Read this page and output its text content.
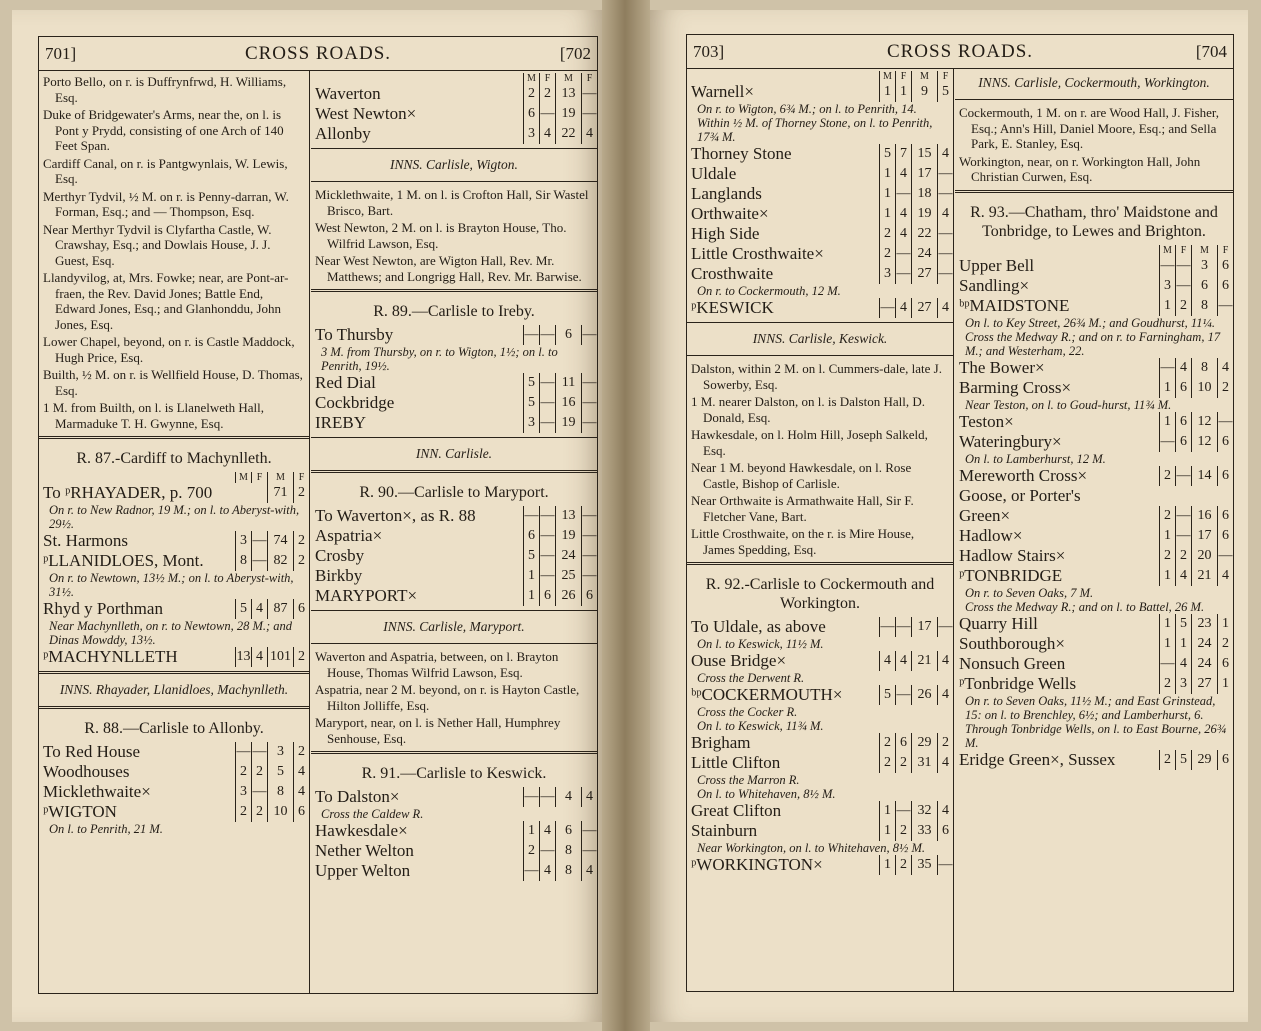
701]	CROSS ROADS.	[702
Porto Bello, on r. is Duffrynfrwd, H. Williams, Esq.
Duke of Bridgewater's Arms, near the, on l. is Pont y Prydd, consisting of one Arch of 140 Feet Span.
Cardiff Canal, on r. is Pantgwynlais, W. Lewis, Esq.
Merthyr Tydvil, ½ M. on r. is Penny-darran, W. Forman, Esq.; and — Thompson, Esq.
Near Merthyr Tydvil is Clyfartha Castle, W. Crawshay, Esq.; and Dowlais House, J. J. Guest, Esq.
Llandyvilog, at, Mrs. Fowke; near, are Pont-ar-fraen, the Rev. David Jones; Battle End, Edward Jones, Esq.; and Glanhonddu, John Jones, Esq.
Lower Chapel, beyond, on r. is Castle Maddock, Hugh Price, Esq.
Builth, ½ M. on r. is Wellfield House, D. Thomas, Esq.
1 M. from Builth, on l. is Llanelweth Hall, Marmaduke T. H. Gwynne, Esq.
R. 87.-Cardiff to Machynlleth.
M F	M	F
To ᵖRHAYADER, p. 700	71 2
On r. to New Radnor, 19 M.; on l. to Aberyst-with, 29½.
St. Harmons	3 — 74 2
ᵖLLANIDLOES, Mont.	8 — 82 2
On r. to Newtown, 13½ M.; on l. to Aberyst-with, 31½.
Rhyd y Porthman	5 4 87 6
Near Machynlleth, on r. to Newtown, 28 M.; and Dinas Mowddy, 13½.
ᵖMACHYNLLETH	13 4 101 2
INNS. Rhayader, Llanidloes, Machynlleth.
R. 88.—Carlisle to Allonby.
To Red House	— — 3	2
Woodhouses	2 2	5	4
Micklethwaite×	3 — 8	4
ᵖWIGTON	2 2 10 6
On l. to Penrith, 21 M.
M F	M	F
Waverton	2 2 13 —
West Newton×	6 — 19 —
Allonby	3 4 22 4
INNS. Carlisle, Wigton.
Micklethwaite, 1 M. on l. is Crofton Hall, Sir Wastel Brisco, Bart.
West Newton, 2 M. on l. is Brayton House, Tho. Wilfrid Lawson, Esq.
Near West Newton, are Wigton Hall, Rev. Mr. Matthews; and Longrigg Hall, Rev. Mr. Barwise.
R. 89.—Carlisle to Ireby.
To Thursby	— — 6 —
3 M. from Thursby, on r. to Wigton, 1½; on l. to Penrith, 19½.
Red Dial	5 — 11 —
Cockbridge	5 — 16 —
IREBY	3 — 19 —
INN. Carlisle.
R. 90.—Carlisle to Maryport.
To Waverton×, as R. 88	— — 13 —
Aspatria×	6 — 19 —
Crosby	5 — 24 —
Birkby	1 — 25 —
MARYPORT×	1 6 26 6
INNS. Carlisle, Maryport.
Waverton and Aspatria, between, on l. Brayton House, Thomas Wilfrid Lawson, Esq.
Aspatria, near 2 M. beyond, on r. is Hayton Castle, Hilton Jolliffe, Esq.
Maryport, near, on l. is Nether Hall, Humphrey Senhouse, Esq.
R. 91.—Carlisle to Keswick.
To Dalston×	— — 4	4
Cross the Caldew R.
Hawkesdale×	1 4	6 —
Nether Welton	2 — 8 —
Upper Welton	— 4	8	4
703]	CROSS ROADS.	[704
M F	M	F
Warnell×	1 1	9	5
On r. to Wigton, 6¾ M.; on l. to Penrith, 14.
Within ½ M. of Thorney Stone, on l. to Penrith, 17¾ M.
Thorney Stone	5 7 15 4
Uldale	1 4 17 —
Langlands	1 — 18 —
Orthwaite×	1 4 19 4
High Side	2 4 22 —
Little Crosthwaite×	2 — 24 —
Crosthwaite	3 — 27 —
On r. to Cockermouth, 12 M.
ᵖKESWICK	— 4 27 4
INNS. Carlisle, Keswick.
Dalston, within 2 M. on l. Cummers-dale, late J. Sowerby, Esq.
1 M. nearer Dalston, on l. is Dalston Hall, D. Donald, Esq.
Hawkesdale, on l. Holm Hill, Joseph Salkeld, Esq.
Near 1 M. beyond Hawkesdale, on l. Rose Castle, Bishop of Carlisle.
Near Orthwaite is Armathwaite Hall, Sir F. Fletcher Vane, Bart.
Little Crosthwaite, on the r. is Mire House, James Spedding, Esq.
R. 92.-Carlisle to Cockermouth and Workington.
To Uldale, as above	— — 17 —
On l. to Keswick, 11½ M.
Ouse Bridge×	4 4 21 4
Cross the Derwent R.
ᵇᵖCOCKERMOUTH×	5 — 26 4
Cross the Cocker R.
On l. to Keswick, 11¾ M.
Brigham	2 6 29 2
Little Clifton	2 2 31 4
Cross the Marron R.
On l. to Whitehaven, 8½ M.
Great Clifton	1 — 32 4
Stainburn	1 2 33 6
Near Workington, on l. to Whitehaven, 8½ M.
ᵖWORKINGTON×	1 2 35 —
INNS. Carlisle, Cockermouth, Workington.
Cockermouth, 1 M. on r. are Wood Hall, J. Fisher, Esq.; Ann's Hill, Daniel Moore, Esq.; and Sella Park, E. Stanley, Esq.
Workington, near, on r. Workington Hall, John Christian Curwen, Esq.
R. 93.—Chatham, thro' Maidstone and Tonbridge, to Lewes and Brighton.
M F	M	F
Upper Bell	— — 3	6
Sandling×	3 — 6	6
ᵇᵖMAIDSTONE	1 2	8 —
On l. to Key Street, 26¾ M.; and Goudhurst, 11¼.
Cross the Medway R.; and on r. to Farningham, 17 M.; and Westerham, 22.
The Bower×	— 4	8	4
Barming Cross×	1 6 10 2
Near Teston, on l. to Goud-hurst, 11¾ M.
Teston×	1 6 12 —
Wateringbury×	— 6 12 6
On l. to Lamberhurst, 12 M.
Mereworth Cross×	2 — 14 6
Goose, or Porter's
Green×	2 — 16 6
Hadlow×	1 — 17 6
Hadlow Stairs×	2 2 20 —
ᵖTONBRIDGE	1 4 21 4
On r. to Seven Oaks, 7 M.
Cross the Medway R.; and on l. to Battel, 26 M.
Quarry Hill	1 5 23 1
Southborough×	1 1 24 2
Nonsuch Green	— 4 24 6
ᵖTonbridge Wells	2 3 27 1
On r. to Seven Oaks, 11½ M.; and East Grinstead, 15: on l. to Brenchley, 6½; and Lamberhurst, 6.
Through Tonbridge Wells, on l. to East Bourne, 26¾ M.
Eridge Green×, Sussex	2 5 29 6
